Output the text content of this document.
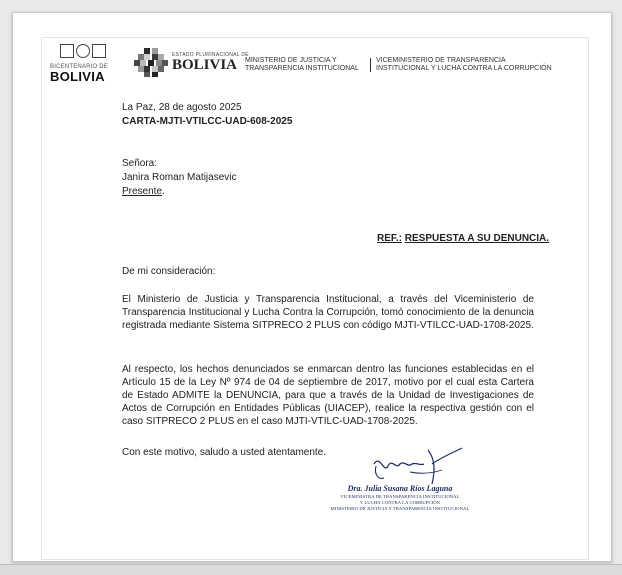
BICENTENARIO DE
BOLIVIA
ESTADO PLURINACIONAL DE
BOLIVIA	MINISTERIO DE JUSTICIA Y
TRANSPARENCIA INSTITUCIONAL
VICEMINISTERIO DE TRANSPARENCIA
INSTITUCIONAL Y LUCHA CONTRA LA CORRUPCIÓN
La Paz, 28 de agosto 2025
CARTA-MJTI-VTILCC-UAD-608-2025
Señora:
Janira Roman Matijasevic
Presente.
REF.: RESPUESTA A SU DENUNCIA.
De mi consideración:
El Ministerio de Justicia y Transparencia Institucional, a través del Viceministerio de Transparencia Institucional y Lucha Contra la Corrupción, tomó conocimiento de la denuncia registrada mediante Sistema SITPRECO 2 PLUS con código MJTI-VTILCC-UAD-1708-2025.
Al respecto, los hechos denunciados se enmarcan dentro las funciones establecidas en el Artículo 15 de la Ley Nº 974 de 04 de septiembre de 2017, motivo por el cual esta Cartera de Estado ADMITE la DENUNCIA, para que a través de la Unidad de Investigaciones de Actos de Corrupción en Entidades Públicas (UIACEP), realice la respectiva gestión con el caso SITPRECO 2 PLUS en el caso MJTI-VTILC-UAD-1708-2025.
Con este motivo, saludo a usted atentamente.
Dra. Julia Susana Ríos Laguna
VICEMINISTRA DE TRANSPARENCIA INSTITUCIONAL
Y LUCHA CONTRA LA CORRUPCIÓN
MINISTERIO DE JUSTICIA Y TRANSPARENCIA INSTITUCIONAL
